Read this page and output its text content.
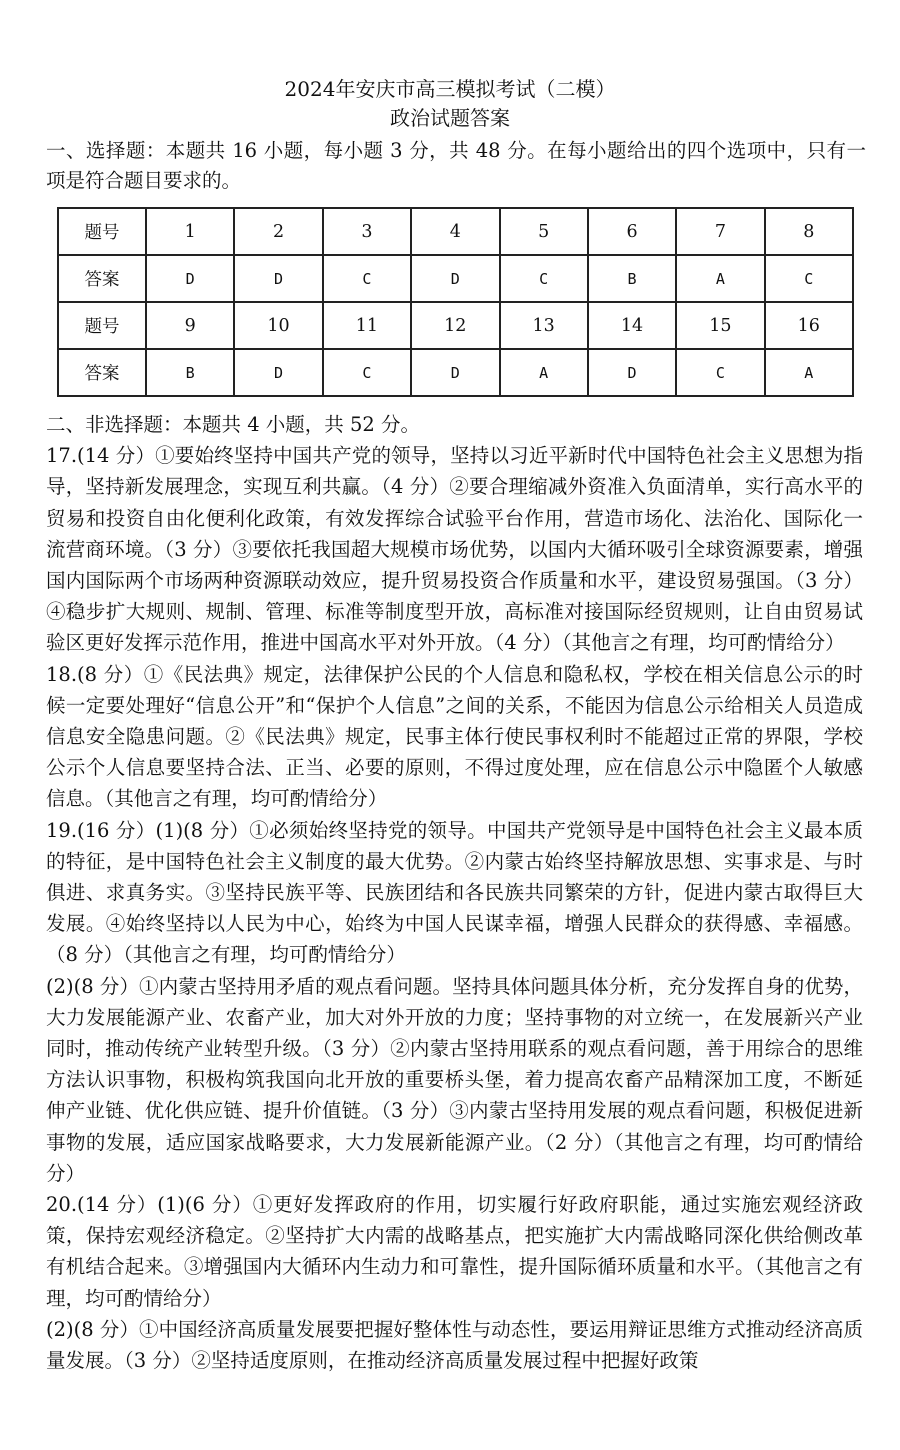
2024年安庆市高三模拟考试（二模）
政治试题答案
一、选择题：本题共 16 小题，每小题 3 分，共 48 分。在每小题给出的四个选项中，只有一项是符合题目要求的。
题号	1	2	3	4	5	6	7	8
答案	D	D	C	D	C	B	A	C
题号	9	10	11	12	13	14	15	16
答案	B	D	C	D	A	D	C	A

二、非选择题：本题共 4 小题，共 52 分。

17.(14 分）①要始终坚持中国共产党的领导，坚持以习近平新时代中国特色社会主义思想为指导，坚持新发展理念，实现互利共赢。（4 分）②要合理缩减外资准入负面清单，实行高水平的贸易和投资自由化便利化政策，有效发挥综合试验平台作用，营造市场化、法治化、国际化一流营商环境。（3 分）③要依托我国超大规模市场优势，以国内大循环吸引全球资源要素，增强国内国际两个市场两种资源联动效应，提升贸易投资合作质量和水平，建设贸易强国。（3 分）④稳步扩大规则、规制、管理、标准等制度型开放，高标准对接国际经贸规则，让自由贸易试验区更好发挥示范作用，推进中国高水平对外开放。（4 分）（其他言之有理，均可酌情给分）

18.(8 分）①《民法典》规定，法律保护公民的个人信息和隐私权，学校在相关信息公示的时候一定要处理好“信息公开”和“保护个人信息”之间的关系，不能因为信息公示给相关人员造成信息安全隐患问题。②《民法典》规定，民事主体行使民事权利时不能超过正常的界限，学校公示个人信息要坚持合法、正当、必要的原则，不得过度处理，应在信息公示中隐匿个人敏感信息。（其他言之有理，均可酌情给分）

19.(16 分）(1)(8 分）①必须始终坚持党的领导。中国共产党领导是中国特色社会主义最本质的特征，是中国特色社会主义制度的最大优势。②内蒙古始终坚持解放思想、实事求是、与时俱进、求真务实。③坚持民族平等、民族团结和各民族共同繁荣的方针，促进内蒙古取得巨大发展。④始终坚持以人民为中心，始终为中国人民谋幸福，增强人民群众的获得感、幸福感。（8 分）（其他言之有理，均可酌情给分）

(2)(8 分）①内蒙古坚持用矛盾的观点看问题。坚持具体问题具体分析，充分发挥自身的优势，大力发展能源产业、农畜产业，加大对外开放的力度；坚持事物的对立统一，在发展新兴产业同时，推动传统产业转型升级。（3 分）②内蒙古坚持用联系的观点看问题，善于用综合的思维方法认识事物，积极构筑我国向北开放的重要桥头堡，着力提高农畜产品精深加工度，不断延伸产业链、优化供应链、提升价值链。（3 分）③内蒙古坚持用发展的观点看问题，积极促进新事物的发展，适应国家战略要求，大力发展新能源产业。（2 分）（其他言之有理，均可酌情给分）

20.(14 分）(1)(6 分）①更好发挥政府的作用，切实履行好政府职能，通过实施宏观经济政策，保持宏观经济稳定。②坚持扩大内需的战略基点，把实施扩大内需战略同深化供给侧改革有机结合起来。③增强国内大循环内生动力和可靠性，提升国际循环质量和水平。（其他言之有理，均可酌情给分）

(2)(8 分）①中国经济高质量发展要把握好整体性与动态性，要运用辩证思维方式推动经济高质量发展。（3 分）②坚持适度原则，在推动经济高质量发展过程中把握好政策
